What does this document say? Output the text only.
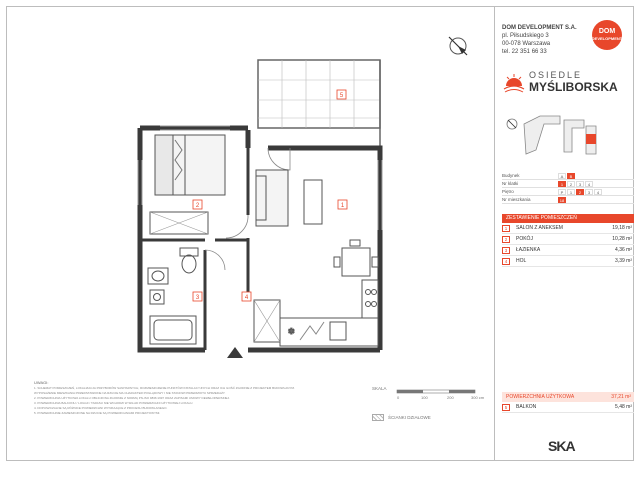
✱
5
1
2
3	4
DOM DEVELOPMENT S.A.
pl. Piłsudskiego 3
00-078 Warszawa
tel. 22 351 66 33
DOM
DEVELOPMENT
OSIEDLE
MYŚLIBORSKA
Budynek	A	B
Nr klatki	1	2	3	4
Piętro	P	1	2	3	4
Nr mieszkania	18
ZESTAWIENIE POMIESZCZEŃ
1	SALON Z ANEKSEM	19,18 m²
2	POKÓJ	10,28 m²
3	ŁAZIENKA	4,36 m²
4	HOL	3,39 m²
POWIERZCHNIA UŻYTKOWA	37,21 m²
5	BALKON	5,48 m²
UWAGI:
1. SCHEMAT POMIESZCZEŃ, LOKALIZACJA PRZYBORÓW SANITARNYCH, ROZMIESZCZENIE PUNKTÓW INSTALACYJNYCH ORAZ ICH ILOŚĆ ZGODNIE Z PROJEKTEM BUDOWLANYM.
WYPOSAŻENIE MIESZKANIA PRZEDSTAWIONE NA RZUCIE MA CHARAKTER POGLĄDOWY I NIE STANOWI PRZEDMIOTU SPRZEDAŻY.
2. POWIERZCHNIA UŻYTKOWA LOKALU OBLICZONA ZGODNIE Z NORMĄ PN-ISO 9836:1997 ORAZ ZAPISAMI UMOWY DEWELOPERSKIEJ.
3. POWIERZCHNIA BALKONU / LOGGII / TARASU NIE WCHODZI W SKŁAD POWIERZCHNI UŻYTKOWEJ LOKALU.
4. DOPUSZCZALNE SĄ RÓŻNICE POWIERZCHNI WYNIKAJĄCE Z PROCESU BUDOWLANEGO.
5. POWIERZCHNIE ZAMIESZCZONE NA RZUCIE SĄ POWIERZCHNIAMI PROJEKTOWYMI.
SKALA
0	100	200	300 cm
ŚCIANKI DZIAŁOWE
SKA
